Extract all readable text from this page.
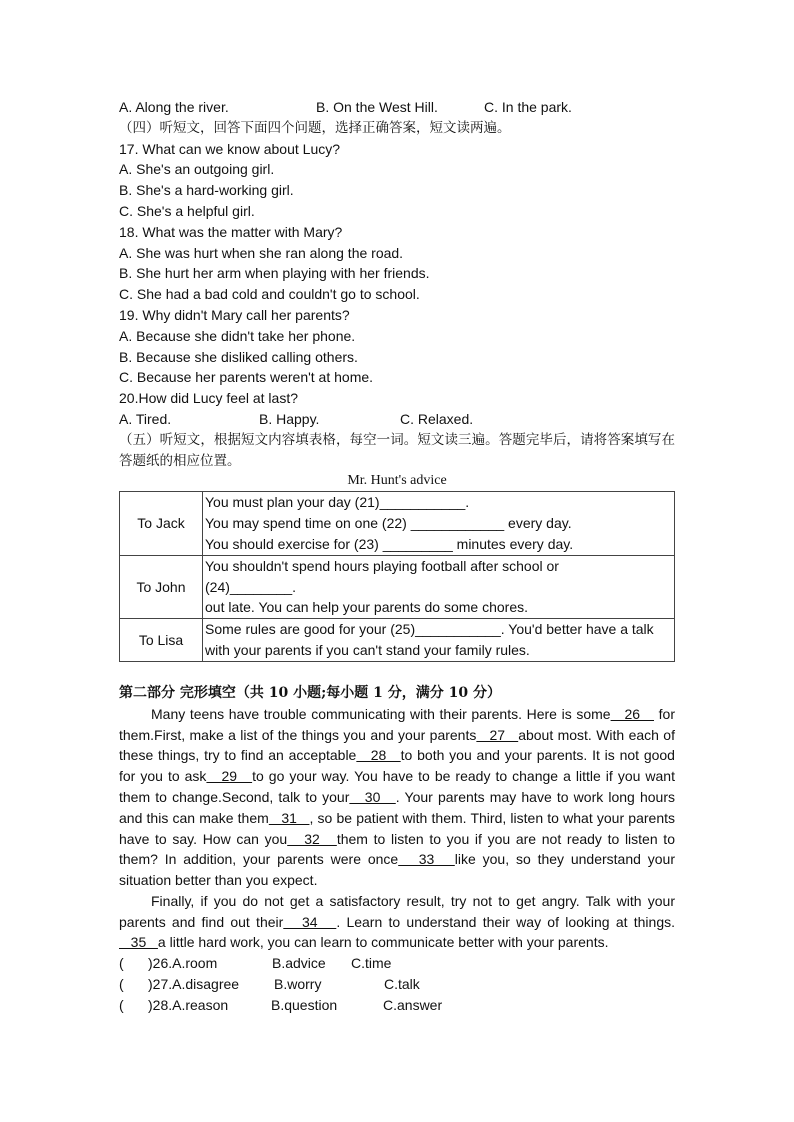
A. Along the river.	B. On the West Hill.	C. In the park.
（四）听短文，回答下面四个问题，选择正确答案，短文读两遍。
17. What can we know about Lucy?
A. She's an outgoing girl.
B. She's a hard-working girl.
C. She's a helpful girl.
18. What was the matter with Mary?
A. She was hurt when she ran along the road.
B. She hurt her arm when playing with her friends.
C. She had a bad cold and couldn't go to school.
19. Why didn't Mary call her parents?
A. Because she didn't take her phone.
B. Because she disliked calling others.
C. Because her parents weren't at home.
20.How did Lucy feel at last?
A. Tired.	B. Happy.	C. Relaxed.
（五）听短文，根据短文内容填表格，每空一词。短文读三遍。答题完毕后，请将答案填写在答题纸的相应位置。
Mr. Hunt's advice
To Jack	You must plan your day (21)___________.
You may spend time on one (22) ____________ every day.
You should exercise for (23) _________ minutes every day.

To John	You shouldn't spend hours playing football after school or
(24)________.
out late. You can help your parents do some chores.

To Lisa	Some rules are good for your (25)___________. You'd better have a talk
with your parents if you can't stand your family rules.
第二部分 完形填空（共 10 小题;每小题 1 分，满分 10 分）
Many teens have trouble communicating with their parents. Here is some   26    for them.First, make a list of the things you and your parents   27   about most. With each of these things, try to find an acceptable   28   to both you and your parents. It is not good for you to ask   29   to go your way. You have to be ready to change a little if you want them to change.Second, talk to your   30   . Your parents may have to work long hours and this can make them   31   , so be patient with them. Third, listen to what your parents have to say. How can you   32   them to listen to you if you are not ready to listen to them? In addition, your parents were once   33   like you, so they understand your situation better than you expect.
Finally, if you do not get a satisfactory result, try not to get angry. Talk with your parents and find out their   34   . Learn to understand their way of looking at things.    35   a little hard work, you can learn to communicate better with your parents.
( )26.A.room	B.advice C.time
( )27.A.disagree B.worry	C.talk
( )28.A.reason	B.question	C.answer
